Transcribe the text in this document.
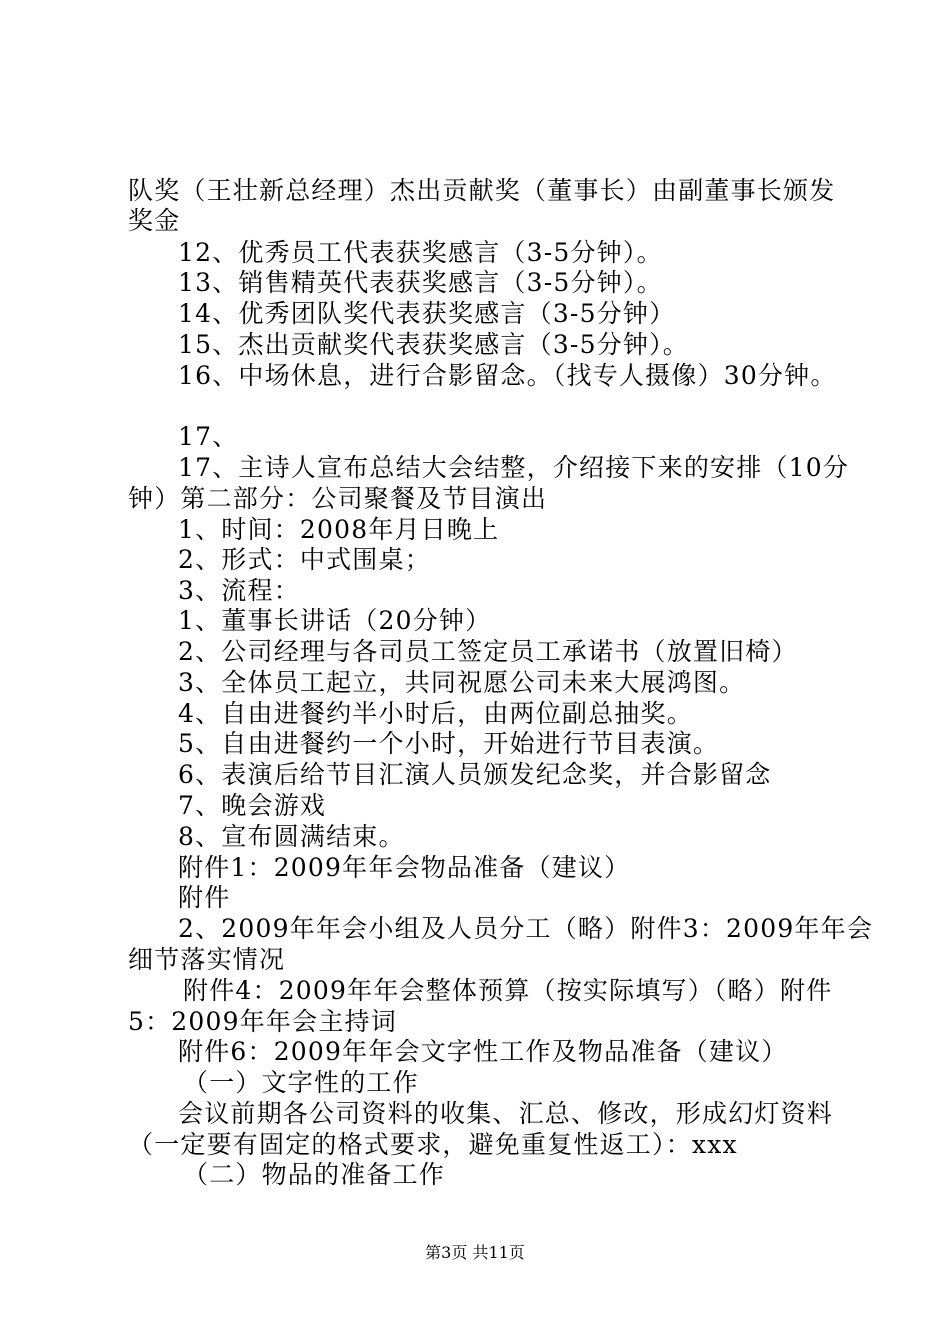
队奖（王壮新总经理）杰出贡献奖（董事长）由副董事长颁发
奖金
12、优秀员工代表获奖感言（3-5分钟）。
13、销售精英代表获奖感言（3-5分钟）。
14、优秀团队奖代表获奖感言（3-5分钟）
15、杰出贡献奖代表获奖感言（3-5分钟）。
16、中场休息，进行合影留念。（找专人摄像）30分钟。
17、
17、主诗人宣布总结大会结整，介绍接下来的安排（10分
钟）第二部分：公司聚餐及节目演出
1、时间：2008年月日晚上
2、形式：中式围桌；
3、流程：
1、董事长讲话（20分钟）
2、公司经理与各司员工签定员工承诺书（放置旧椅）
3、全体员工起立，共同祝愿公司未来大展鸿图。
4、自由进餐约半小时后，由两位副总抽奖。
5、自由进餐约一个小时，开始进行节目表演。
6、表演后给节目汇演人员颁发纪念奖，并合影留念
7、晚会游戏
8、宣布圆满结束。
附件1：2009年年会物品准备（建议）
附件
2、2009年年会小组及人员分工（略）附件3：2009年年会
细节落实情况
附件4：2009年年会整体预算（按实际填写）（略）附件
5：2009年年会主持词
附件6：2009年年会文字性工作及物品准备（建议）
（一）文字性的工作
会议前期各公司资料的收集、汇总、修改，形成幻灯资料
（一定要有固定的格式要求，避免重复性返工）：xxx
（二）物品的准备工作
第3页 共11页
